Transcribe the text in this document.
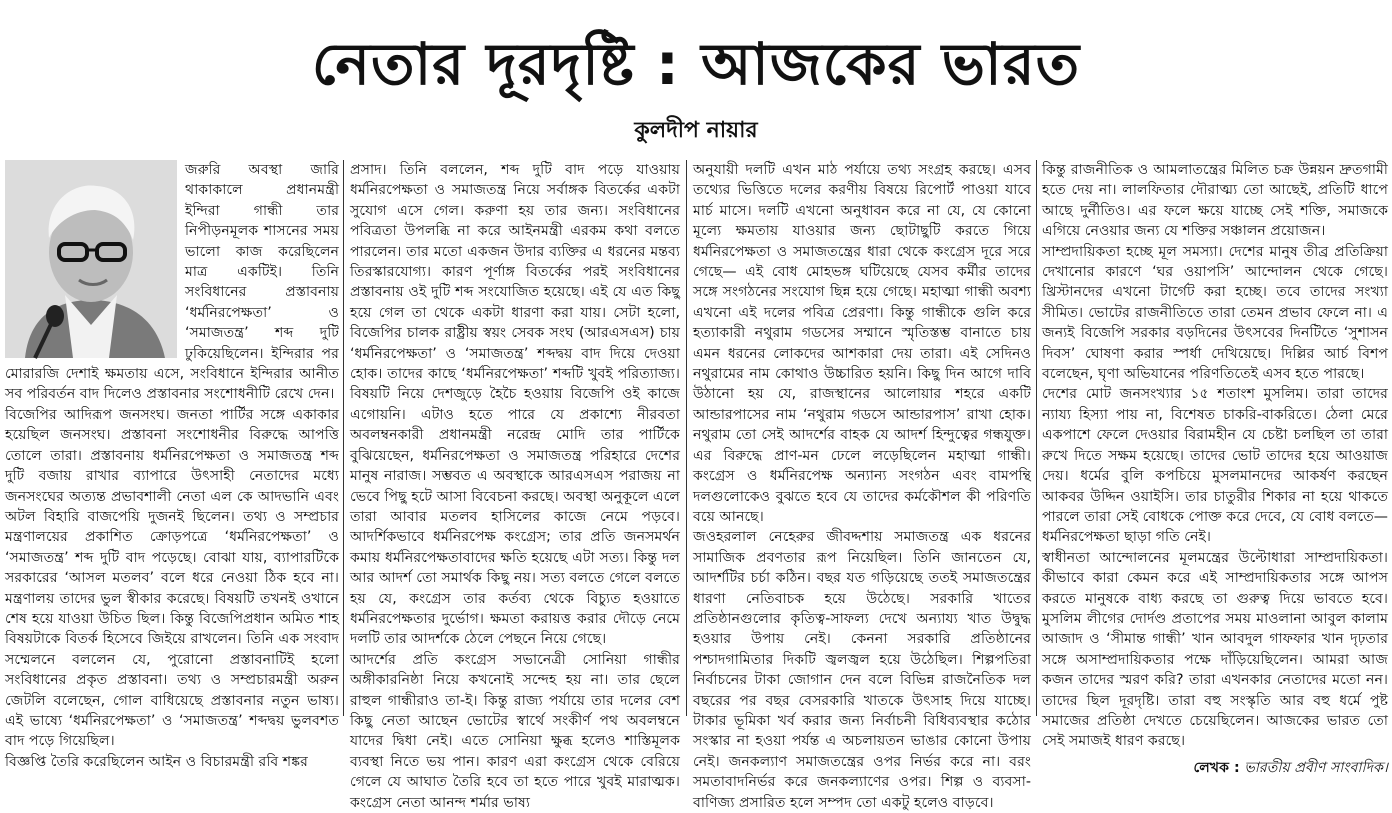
নেতার দূরদৃষ্টি : আজকের ভারত
কুলদীপ নায়ার

জরুরি অবস্থা জারি থাকাকালে প্রধানমন্ত্রী ইন্দিরা গান্ধী তার নিপীড়নমূলক শাসনের সময় ভালো কাজ করেছিলেন মাত্র একটিই। তিনি সংবিধানের প্রস্তাবনায় ‘ধর্মনিরপেক্ষতা’ ও ‘সমাজতন্ত্র’ শব্দ দুটি ঢুকিয়েছিলেন। ইন্দিরার পর মোরারজি দেশাই ক্ষমতায় এসে, সংবিধানে ইন্দিরার আনীত সব পরিবর্তন বাদ দিলেও প্রস্তাবনার সংশোধনীটি রেখে দেন।

বিজেপির আদিরূপ জনসংঘ। জনতা পার্টির সঙ্গে একাকার হয়েছিল জনসংঘ। প্রস্তাবনা সংশোধনীর বিরুদ্ধে আপত্তি তোলে তারা। প্রস্তাবনায় ধর্মনিরপেক্ষতা ও সমাজতন্ত্র শব্দ দুটি বজায় রাখার ব্যাপারে উৎসাহী নেতাদের মধ্যে জনসংঘের অত্যন্ত প্রভাবশালী নেতা এল কে আদভানি এবং অটল বিহারি বাজপেয়ি দুজনই ছিলেন। তথ্য ও সম্প্রচার মন্ত্রণালয়ের প্রকাশিত ক্রোড়পত্রে ‘ধর্মনিরপেক্ষতা’ ও ‘সমাজতন্ত্র’ শব্দ দুটি বাদ পড়েছে। বোঝা যায়, ব্যাপারটিকে সরকারের ‘আসল মতলব’ বলে ধরে নেওয়া ঠিক হবে না। মন্ত্রণালয় তাদের ভুল স্বীকার করেছে। বিষয়টি তখনই ওখানে শেষ হয়ে যাওয়া উচিত ছিল। কিন্তু বিজেপিপ্রধান অমিত শাহ বিষয়টাকে বিতর্ক হিসেবে জিইয়ে রাখলেন। তিনি এক সংবাদ সম্মেলনে বললেন যে, পুরোনো প্রস্তাবনাটিই হলো সংবিধানের প্রকৃত প্রস্তাবনা। তথ্য ও সম্প্রচারমন্ত্রী অরুন জেটলি বলেছেন, গোল বাধিয়েছে প্রস্তাবনার নতুন ভাষ্য। এই ভাষ্যে ‘ধর্মনিরপেক্ষতা’ ও ‘সমাজতন্ত্র’ শব্দদ্বয় ভুলবশত বাদ পড়ে গিয়েছিল।

বিজ্ঞপ্তি তৈরি করেছিলেন আইন ও বিচারমন্ত্রী রবি শঙ্কর

প্রসাদ। তিনি বললেন, শব্দ দুটি বাদ পড়ে যাওয়ায় ধর্মনিরপেক্ষতা ও সমাজতন্ত্র নিয়ে সর্বাঙ্গক বিতর্কের একটা সুযোগ এসে গেল। করুণা হয় তার জন্য। সংবিধানের পবিত্রতা উপলব্ধি না করে আইনমন্ত্রী এরকম কথা বলতে পারলেন। তার মতো একজন উদার ব্যক্তির এ ধরনের মন্তব্য তিরস্কারযোগ্য। কারণ পূর্ণাঙ্গ বিতর্কের পরই সংবিধানের প্রস্তাবনায় ওই দুটি শব্দ সংযোজিত হয়েছে। এই যে এত কিছু হয়ে গেল তা থেকে একটা ধারণা করা যায়। সেটা হলো, বিজেপির চালক রাষ্ট্রীয় স্বয়ং সেবক সংঘ (আরএসএস) চায় ‘ধর্মনিরপেক্ষতা’ ও ‘সমাজতন্ত্র’ শব্দদ্বয় বাদ দিয়ে দেওয়া হোক। তাদের কাছে ‘ধর্মনিরপেক্ষতা’ শব্দটি খুবই পরিত্যাজ্য। বিষয়টি নিয়ে দেশজুড়ে হৈচৈ হওয়ায় বিজেপি ওই কাজে এগোয়নি। এটাও হতে পারে যে প্রকাশ্যে নীরবতা অবলম্বনকারী প্রধানমন্ত্রী নরেন্দ্র মোদি তার পার্টিকে বুঝিয়েছেন, ধর্মনিরপেক্ষতা ও সমাজতন্ত্র পরিহারে দেশের মানুষ নারাজ। সম্ভবত এ অবস্থাকে আরএসএস পরাজয় না ভেবে পিছু হটে আসা বিবেচনা করছে। অবস্থা অনুকূলে এলে তারা আবার মতলব হাসিলের কাজে নেমে পড়বে। আদর্শিকভাবে ধর্মনিরপেক্ষ কংগ্রেস; তার প্রতি জনসমর্থন কমায় ধর্মনিরপেক্ষতাবাদের ক্ষতি হয়েছে এটা সত্য। কিন্তু দল আর আদর্শ তো সমার্থক কিছু নয়। সত্য বলতে গেলে বলতে হয় যে, কংগ্রেস তার কর্তব্য থেকে বিচ্যুত হওয়াতে ধর্মনিরপেক্ষতার দুর্ভোগ। ক্ষমতা করায়ত্ত করার দৌড়ে নেমে দলটি তার আদর্শকে ঠেলে পেছনে নিয়ে গেছে।

আদর্শের প্রতি কংগ্রেস সভানেত্রী সোনিয়া গান্ধীর অঙ্গীকারনিষ্ঠা নিয়ে কখনোই সন্দেহ হয় না। তার ছেলে রাহুল গান্ধীরাও তা-ই। কিন্তু রাজ্য পর্যায়ে তার দলের বেশ কিছু নেতা আছেন ভোটের স্বার্থে সংকীর্ণ পথ অবলম্বনে যাদের দ্বিধা নেই। এতে সোনিয়া ক্ষুব্ধ হলেও শাস্তিমূলক ব্যবস্থা নিতে ভয় পান। কারণ এরা কংগ্রেস থেকে বেরিয়ে গেলে যে আঘাত তৈরি হবে তা হতে পারে খুবই মারাত্মক। কংগ্রেস নেতা আনন্দ শর্মার ভাষ্য

অনুযায়ী দলটি এখন মাঠ পর্যায়ে তথ্য সংগ্রহ করছে। এসব তথ্যের ভিত্তিতে দলের করণীয় বিষয়ে রিপোর্ট পাওয়া যাবে মার্চ মাসে। দলটি এখনো অনুধাবন করে না যে, যে কোনো মূল্যে ক্ষমতায় যাওয়ার জন্য ছোটাছুটি করতে গিয়ে ধর্মনিরপেক্ষতা ও সমাজতন্ত্রের ধারা থেকে কংগ্রেস দূরে সরে গেছে— এই বোধ মোহভঙ্গ ঘটিয়েছে যেসব কর্মীর তাদের সঙ্গে সংগঠনের সংযোগ ছিন্ন হয়ে গেছে। মহাত্মা গান্ধী অবশ্য এখনো এই দলের পবিত্র প্রেরণা। কিন্তু গান্ধীকে গুলি করে হত্যাকারী নথুরাম গডসের সম্মানে স্মৃতিস্তম্ভ বানাতে চায় এমন ধরনের লোকদের আশকারা দেয় তারা। এই সেদিনও নথুরামের নাম কোথাও উচ্চারিত হয়নি। কিছু দিন আগে দাবি উঠানো হয় যে, রাজস্থানের আলোয়ার শহরে একটি আন্ডারপাসের নাম ‘নথুরাম গডসে আন্ডারপাস’ রাখা হোক। নথুরাম তো সেই আদর্শের বাহক যে আদর্শ হিন্দুত্বের গন্ধযুক্ত। এর বিরুদ্ধে প্রাণ-মন ঢেলে লড়েছিলেন মহাত্মা গান্ধী। কংগ্রেস ও ধর্মনিরপেক্ষ অন্যান্য সংগঠন এবং বামপন্থি দলগুলোকেও বুঝতে হবে যে তাদের কর্মকৌশল কী পরিণতি বয়ে আনছে।

জওহরলাল নেহেরুর জীবদ্দশায় সমাজতন্ত্র এক ধরনের সামাজিক প্রবণতার রূপ নিয়েছিল। তিনি জানতেন যে, আদর্শটির চর্চা কঠিন। বছর যত গড়িয়েছে ততই সমাজতন্ত্রের ধারণা নেতিবাচক হয়ে উঠেছে। সরকারি খাতের প্রতিষ্ঠানগুলোর কৃতিত্ব-সাফল্য দেখে অন্যায্য খাত উদ্বুদ্ধ হওয়ার উপায় নেই। কেননা সরকারি প্রতিষ্ঠানের পশ্চাদগামিতার দিকটি জ্বলজ্বল হয়ে উঠেছিল। শিল্পপতিরা নির্বাচনের টাকা জোগান দেন বলে বিভিন্ন রাজনৈতিক দল বছরের পর বছর বেসরকারি খাতকে উৎসাহ দিয়ে যাচ্ছে। টাকার ভূমিকা খর্ব করার জন্য নির্বাচনী বিধিব্যবস্থার কঠোর সংস্কার না হওয়া পর্যন্ত এ অচলায়তন ভাঙার কোনো উপায় নেই। জনকল্যাণ সমাজতন্ত্রের ওপর নির্ভর করে না। বরং সমতাবাদনির্ভর করে জনকল্যাণের ওপর। শিল্প ও ব্যবসা-বাণিজ্য প্রসারিত হলে সম্পদ তো একটু হলেও বাড়বে।

কিন্তু রাজনীতিক ও আমলাতন্ত্রের মিলিত চক্র উন্নয়ন দ্রুতগামী হতে দেয় না। লালফিতার দৌরাত্ম্য তো আছেই, প্রতিটি ধাপে আছে দুর্নীতিও। এর ফলে ক্ষয়ে যাচ্ছে সেই শক্তি, সমাজকে এগিয়ে নেওয়ার জন্য যে শক্তির সঞ্চালন প্রয়োজন।

সাম্প্রদায়িকতা হচ্ছে মূল সমস্যা। দেশের মানুষ তীব্র প্রতিক্রিয়া দেখানোর কারণে ‘ঘর ওয়াপসি’ আন্দোলন থেকে গেছে। খ্রিস্টানদের এখনো টার্গেট করা হচ্ছে। তবে তাদের সংখ্যা সীমিত। ভোটের রাজনীতিতে তারা তেমন প্রভাব ফেলে না। এ জন্যই বিজেপি সরকার বড়দিনের উৎসবের দিনটিতে ‘সুশাসন দিবস’ ঘোষণা করার স্পর্ধা দেখিয়েছে। দিল্লির আর্চ বিশপ বলেছেন, ঘৃণা অভিযানের পরিণতিতেই এসব হতে পারছে।

দেশের মোট জনসংখ্যার ১৫ শতাংশ মুসলিম। তারা তাদের ন্যায্য হিস্যা পায় না, বিশেষত চাকরি-বাকরিতে। ঠেলা মেরে একপাশে ফেলে দেওয়ার বিরামহীন যে চেষ্টা চলছিল তা তারা রুখে দিতে সক্ষম হয়েছে। তাদের ভোট তাদের হয়ে আওয়াজ দেয়। ধর্মের বুলি কপচিয়ে মুসলমানদের আকর্ষণ করছেন আকবর উদ্দিন ওয়াইসি। তার চাতুরীর শিকার না হয়ে থাকতে পারলে তারা সেই বোধকে পোক্ত করে দেবে, যে বোধ বলতে— ধর্মনিরপেক্ষতা ছাড়া গতি নেই।

স্বাধীনতা আন্দোলনের মূলমন্ত্রের উল্টোধারা সাম্প্রদায়িকতা। কীভাবে কারা কেমন করে এই সাম্প্রদায়িকতার সঙ্গে আপস করতে মানুষকে বাধ্য করছে তা গুরুত্ব দিয়ে ভাবতে হবে। মুসলিম লীগের দোর্দণ্ড প্রতাপের সময় মাওলানা আবুল কালাম আজাদ ও ‘সীমান্ত গান্ধী’ খান আবদুল গাফফার খান দৃঢ়তার সঙ্গে অসাম্প্রদায়িকতার পক্ষে দাঁড়িয়েছিলেন। আমরা আজ কজন তাদের স্মরণ করি? তারা এখনকার নেতাদের মতো নন। তাদের ছিল দূরদৃষ্টি। তারা বহু সংস্কৃতি আর বহু ধর্মে পুষ্ট সমাজের প্রতিষ্ঠা দেখতে চেয়েছিলেন। আজকের ভারত তো সেই সমাজই ধারণ করছে।

লেখক : ভারতীয় প্রবীণ সাংবাদিক।
